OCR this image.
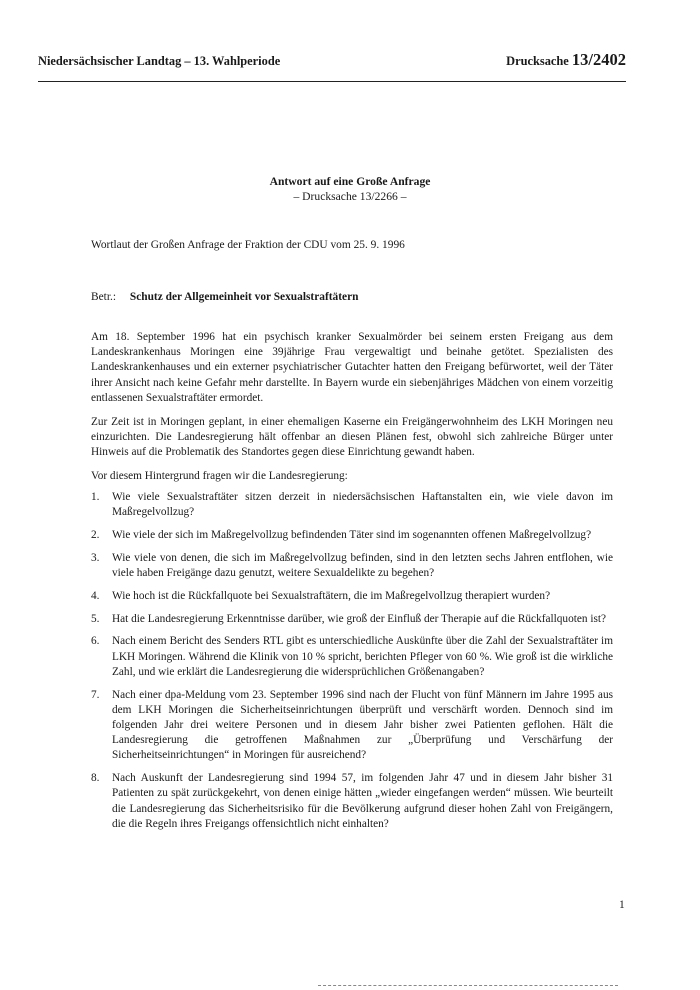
Niedersächsischer Landtag – 13. Wahlperiode	Drucksache 13/2402
Antwort auf eine Große Anfrage
– Drucksache 13/2266 –
Wortlaut der Großen Anfrage der Fraktion der CDU vom 25. 9. 1996
Betr.: Schutz der Allgemeinheit vor Sexualstraftätern

Am 18. September 1996 hat ein psychisch kranker Sexualmörder bei seinem ersten Freigang aus dem Landeskrankenhaus Moringen eine 39jährige Frau vergewaltigt und beinahe getötet. Spezialisten des Landeskrankenhauses und ein externer psychiatrischer Gutachter hatten den Freigang befürwortet, weil der Täter ihrer Ansicht nach keine Gefahr mehr darstellte. In Bayern wurde ein siebenjähriges Mädchen von einem vorzeitig entlassenen Sexualstraftäter ermordet.

Zur Zeit ist in Moringen geplant, in einer ehemaligen Kaserne ein Freigängerwohnheim des LKH Moringen neu einzurichten. Die Landesregierung hält offenbar an diesen Plänen fest, obwohl sich zahlreiche Bürger unter Hinweis auf die Problematik des Standortes gegen diese Einrichtung gewandt haben.

Vor diesem Hintergrund fragen wir die Landesregierung:

1. Wie viele Sexualstraftäter sitzen derzeit in niedersächsischen Haftanstalten ein, wie viele davon im Maßregelvollzug?
2. Wie viele der sich im Maßregelvollzug befindenden Täter sind im sogenannten offenen Maßregelvollzug?
3. Wie viele von denen, die sich im Maßregelvollzug befinden, sind in den letzten sechs Jahren entflohen, wie viele haben Freigänge dazu genutzt, weitere Sexualdelikte zu begehen?
4. Wie hoch ist die Rückfallquote bei Sexualstraftätern, die im Maßregelvollzug therapiert wurden?
5. Hat die Landesregierung Erkenntnisse darüber, wie groß der Einfluß der Therapie auf die Rückfallquoten ist?
6. Nach einem Bericht des Senders RTL gibt es unterschiedliche Auskünfte über die Zahl der Sexualstraftäter im LKH Moringen. Während die Klinik von 10 % spricht, berichten Pfleger von 60 %. Wie groß ist die wirkliche Zahl, und wie erklärt die Landesregierung die widersprüchlichen Größenangaben?
7. Nach einer dpa-Meldung vom 23. September 1996 sind nach der Flucht von fünf Männern im Jahre 1995 aus dem LKH Moringen die Sicherheitseinrichtungen überprüft und verschärft worden. Dennoch sind im folgenden Jahr drei weitere Personen und in diesem Jahr bisher zwei Patienten geflohen. Hält die Landesregierung die getroffenen Maßnahmen zur „Überprüfung und Verschärfung der Sicherheitseinrichtungen“ in Moringen für ausreichend?
8. Nach Auskunft der Landesregierung sind 1994 57, im folgenden Jahr 47 und in diesem Jahr bisher 31 Patienten zu spät zurückgekehrt, von denen einige hätten „wieder eingefangen werden“ müssen. Wie beurteilt die Landesregierung das Sicherheitsrisiko für die Bevölkerung aufgrund dieser hohen Zahl von Freigängern, die die Regeln ihres Freigangs offensichtlich nicht einhalten?
1
